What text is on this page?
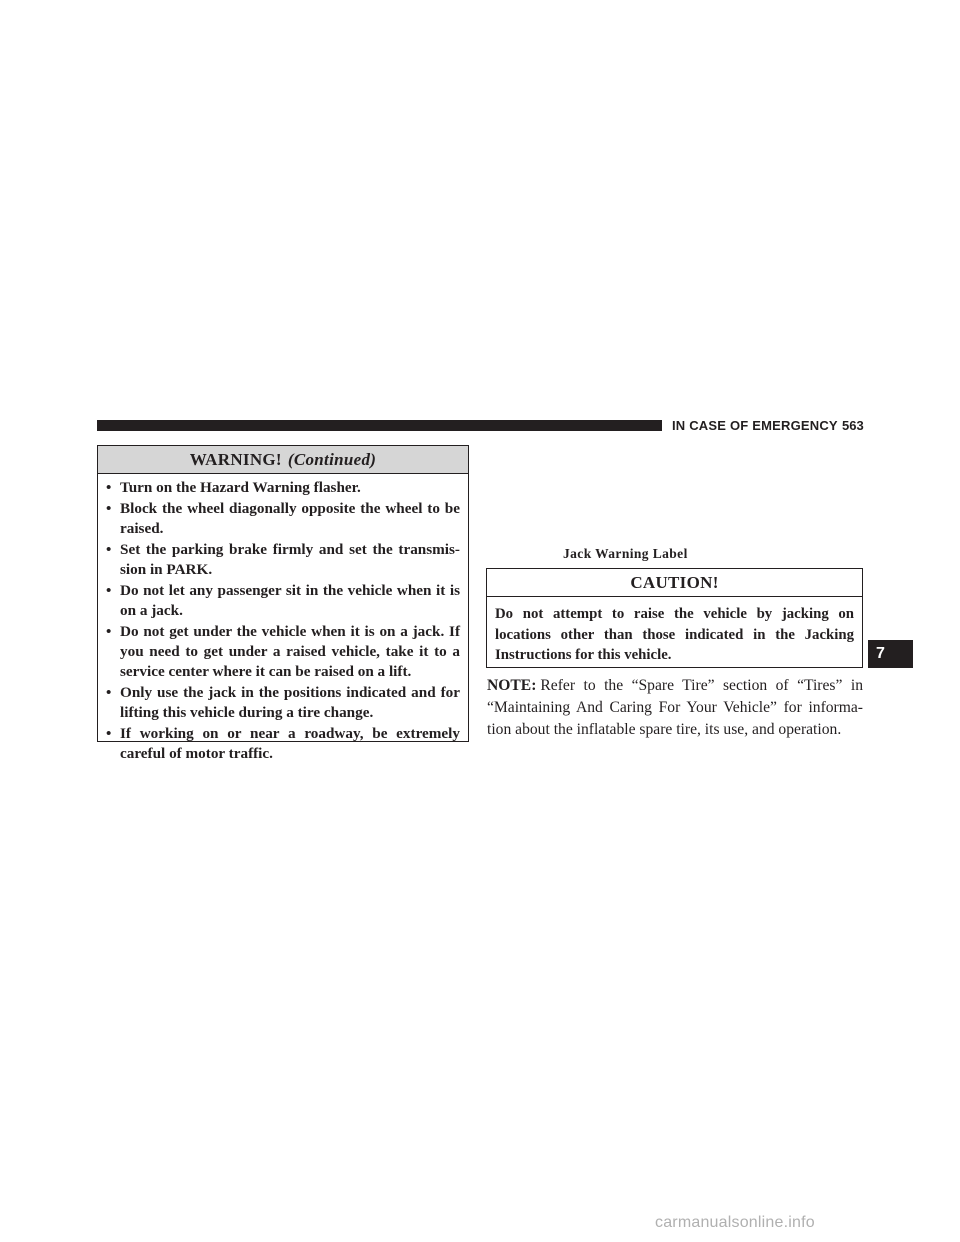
IN CASE OF EMERGENCY 563
WARNING! (Continued)
• Turn on the Hazard Warning flasher.
• Block the wheel diagonally opposite the wheel to be raised.
• Set the parking brake firmly and set the transmis-sion in PARK.
• Do not let any passenger sit in the vehicle when it is on a jack.
• Do not get under the vehicle when it is on a jack. If you need to get under a raised vehicle, take it to a service center where it can be raised on a lift.
• Only use the jack in the positions indicated and for lifting this vehicle during a tire change.
• If working on or near a roadway, be extremely careful of motor traffic.
Jack Warning Label
CAUTION!
Do not attempt to raise the vehicle by jacking on locations other than those indicated in the Jacking Instructions for this vehicle.
NOTE: Refer to the “Spare Tire” section of “Tires” in “Maintaining And Caring For Your Vehicle” for informa-tion about the inflatable spare tire, its use, and operation.
7
carmanualsonline.info
